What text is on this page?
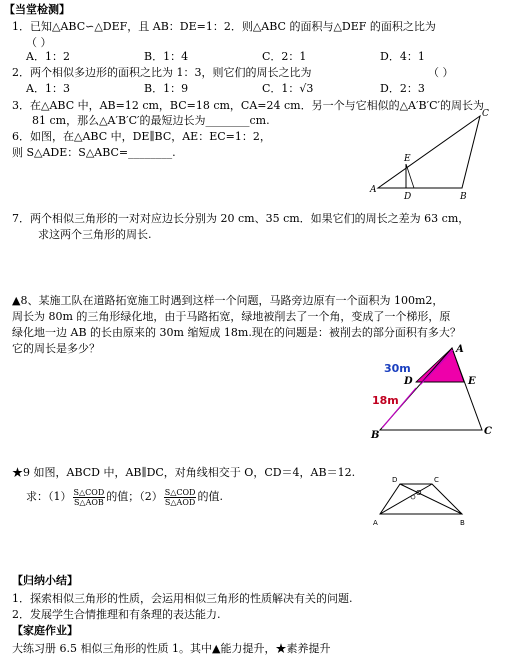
【当堂检测】
1．已知△ABC∽△DEF，且 AB：DE=1：2．则△ABC 的面积与△DEF 的面积之比为
（ ）
A．1：2	B．1：4	C．2：1	D．4：1
2．两个相似多边形的面积之比为 1：3，则它们的周长之比为	（ ）
A．1：3	B．1：9	C．1：√3	D．2：3
3．在△ABC 中，AB=12 cm，BC=18 cm，CA=24 cm．另一个与它相似的△A′B′C′的周长为
81 cm，那么△A′B′C′的最短边长为________cm.
6．如图，在△ABC 中，DE∥BC，AE：EC=1：2，
则 S△ADE：S△ABC=________.
A
B
C
D
E
7．两个相似三角形的一对对应边长分别为 20 cm、35 cm．如果它们的周长之差为 63 cm，
求这两个三角形的周长.
▲8、某施工队在道路拓宽施工时遇到这样一个问题，马路旁边原有一个面积为 100m2，
周长为 80m 的三角形绿化地，由于马路拓宽，绿地被削去了一个角，变成了一个梯形，原
绿化地一边 AB 的长由原来的 30m 缩短成 18m.现在的问题是：被削去的部分面积有多大？
它的周长是多少？
30m
18m
A
B	C
D	E
★9 如图，ABCD 中，AB∥DC，对角线相交于 O，CD＝4，AB＝12.
求：$(1) \frac{\text{S△COD}}{\text{S△AOB}}$ 的值；$(2) \frac{\text{S△COD}}{\text{S△AOD}}$ 的值.
A	B
C
D
O
【归纳小结】
1．探索相似三角形的性质，会运用相似三角形的性质解决有关的问题.
2．发展学生合情推理和有条理的表达能力.
【家庭作业】
大练习册 6.5 相似三角形的性质 1。其中▲能力提升，★素养提升
